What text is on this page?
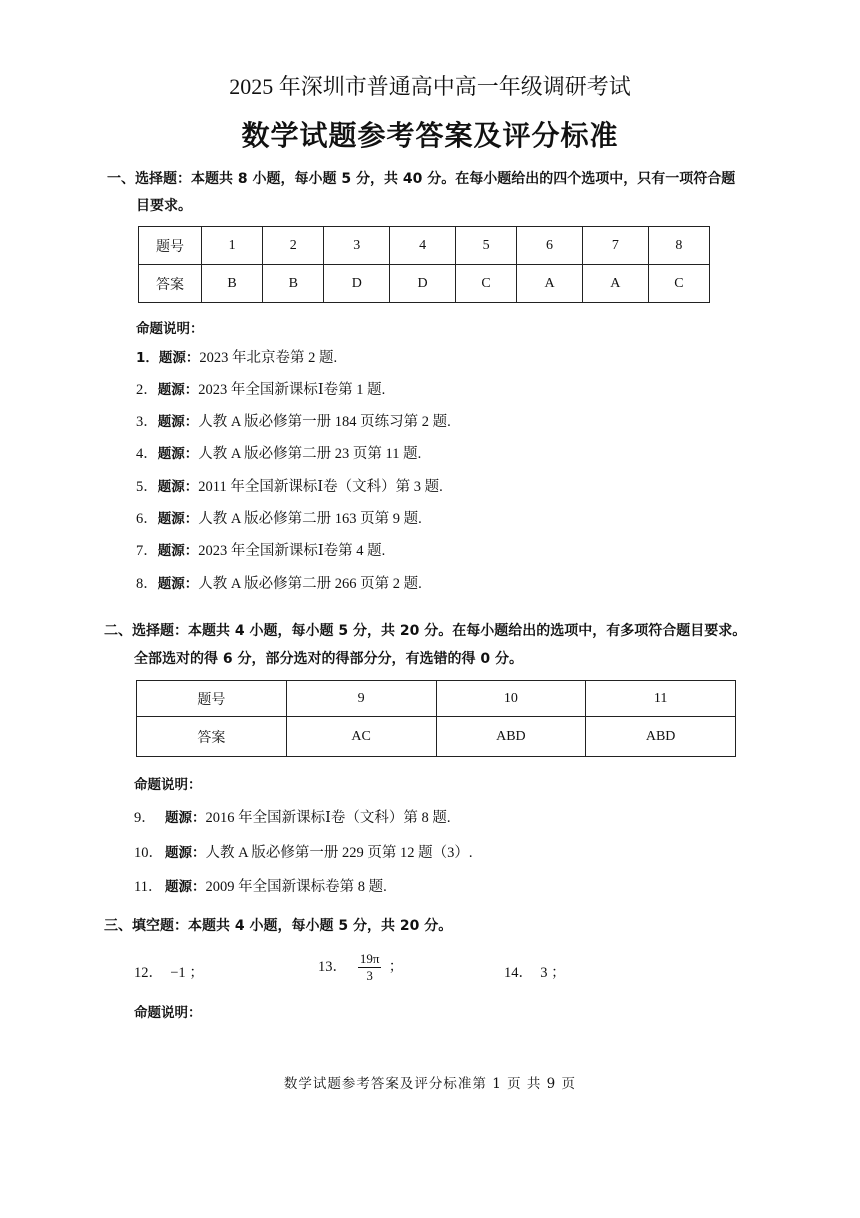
2025 年深圳市普通高中高一年级调研考试
数学试题参考答案及评分标准
一、选择题：本题共 8 小题，每小题 5 分，共 40 分。在每小题给出的四个选项中，只有一项符合题
目要求。
题号	1	2	3	4	5	6	7	8
答案	B	B	D	D	C	A	A	C
命题说明：
1．题源：2023 年北京卷第 2 题.
2．题源：2023 年全国新课标Ⅰ卷第 1 题.
3．题源：人教 A 版必修第一册 184 页练习第 2 题.
4．题源：人教 A 版必修第二册 23 页第 11 题.
5．题源：2011 年全国新课标Ⅰ卷（文科）第 3 题.
6．题源：人教 A 版必修第二册 163 页第 9 题.
7．题源：2023 年全国新课标Ⅰ卷第 4 题.
8．题源：人教 A 版必修第二册 266 页第 2 题.
二、选择题：本题共 4 小题，每小题 5 分，共 20 分。在每小题给出的选项中，有多项符合题目要求。
全部选对的得 6 分，部分选对的得部分分，有选错的得 0 分。
题号	9	10	11
答案	AC	ABD	ABD
命题说明：
9． 题源：2016 年全国新课标Ⅰ卷（文科）第 8 题.
10． 题源：人教 A 版必修第一册 229 页第 12 题（3）.
11． 题源：2009 年全国新课标卷第 8 题.
三、填空题：本题共 4 小题，每小题 5 分，共 20 分。
12． −1 ；	13． $\frac{19\pi}{3}$ ；	14． 3 ；
命题说明：
数学试题参考答案及评分标准第 1 页 共 9 页
